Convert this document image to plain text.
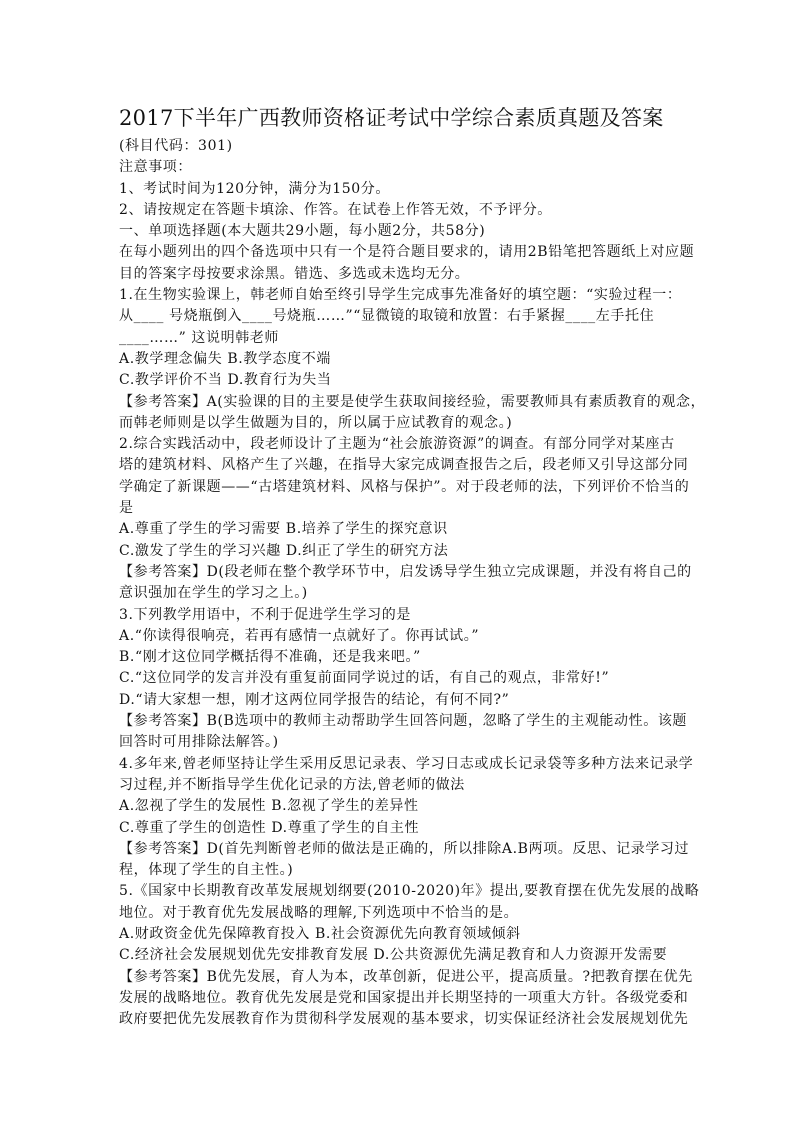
2017下半年广西教师资格证考试中学综合素质真题及答案
(科目代码：301)
注意事项：
1、考试时间为120分钟，满分为150分。
2、请按规定在答题卡填涂、作答。在试卷上作答无效，不予评分。
一、单项选择题(本大题共29小题，每小题2分，共58分)
在每小题列出的四个备选项中只有一个是符合题目要求的，请用2B铅笔把答题纸上对应题
目的答案字母按要求涂黑。错选、多选或未选均无分。
1.在生物实验课上，韩老师自始至终引导学生完成事先准备好的填空题：“实验过程一：
从____ 号烧瓶倒入____号烧瓶……”“显微镜的取镜和放置：右手紧握____左手托住
____……” 这说明韩老师
A.教学理念偏失 B.教学态度不端
C.教学评价不当 D.教育行为失当
【参考答案】A(实验课的目的主要是使学生获取间接经验，需要教师具有素质教育的观念，
而韩老师则是以学生做题为目的，所以属于应试教育的观念。)
2.综合实践活动中，段老师设计了主题为“社会旅游资源”的调查。有部分同学对某座古
塔的建筑材料、风格产生了兴趣，在指导大家完成调查报告之后，段老师又引导这部分同
学确定了新课题——“古塔建筑材料、风格与保护”。对于段老师的法，下列评价不恰当的
是
A.尊重了学生的学习需要 B.培养了学生的探究意识
C.激发了学生的学习兴趣 D.纠正了学生的研究方法
【参考答案】D(段老师在整个教学环节中，启发诱导学生独立完成课题，并没有将自己的
意识强加在学生的学习之上。)
3.下列教学用语中，不利于促进学生学习的是
A.“你读得很响亮，若再有感情一点就好了。你再试试。”
B.“刚才这位同学概括得不准确，还是我来吧。”
C.“这位同学的发言并没有重复前面同学说过的话，有自己的观点，非常好!”
D.“请大家想一想，刚才这两位同学报告的结论，有何不同?”
【参考答案】B(B选项中的教师主动帮助学生回答问题，忽略了学生的主观能动性。该题
回答时可用排除法解答。)
4.多年来,曾老师坚持让学生采用反思记录表、学习日志或成长记录袋等多种方法来记录学
习过程,并不断指导学生优化记录的方法,曾老师的做法
A.忽视了学生的发展性 B.忽视了学生的差异性
C.尊重了学生的创造性 D.尊重了学生的自主性
【参考答案】D(首先判断曾老师的做法是正确的，所以排除A.B两项。反思、记录学习过
程，体现了学生的自主性。)
5.《国家中长期教育改革发展规划纲要(2010-2020)年》提出,要教育摆在优先发展的战略
地位。对于教育优先发展战略的理解,下列选项中不恰当的是。
A.财政资金优先保障教育投入 B.社会资源优先向教育领域倾斜
C.经济社会发展规划优先安排教育发展 D.公共资源优先满足教育和人力资源开发需要
【参考答案】B优先发展，育人为本，改革创新，促进公平，提高质量。?把教育摆在优先
发展的战略地位。教育优先发展是党和国家提出并长期坚持的一项重大方针。各级党委和
政府要把优先发展教育作为贯彻科学发展观的基本要求，切实保证经济社会发展规划优先
